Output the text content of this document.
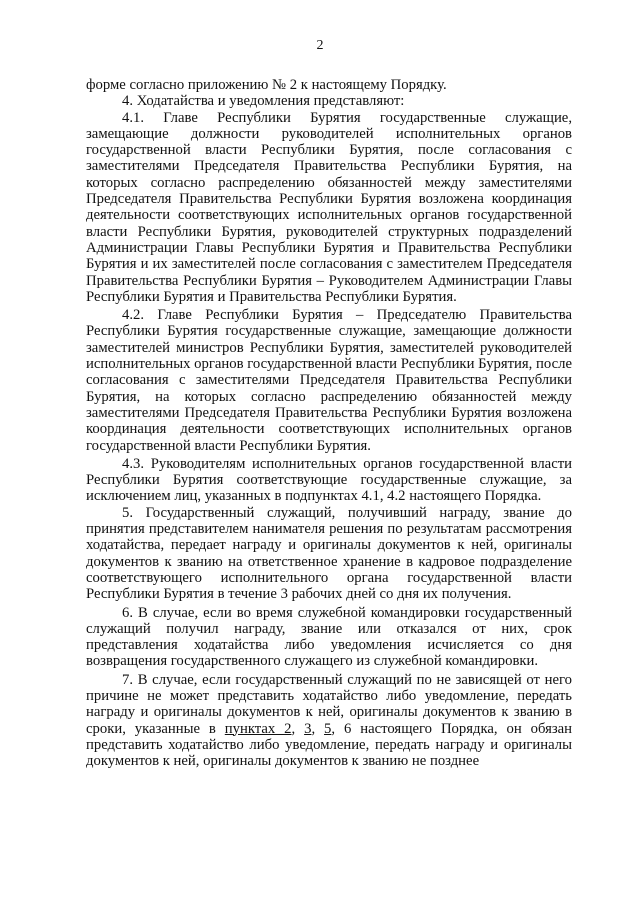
2

форме согласно приложению № 2 к настоящему Порядку.

4. Ходатайства и уведомления представляют:

4.1. Главе Республики Бурятия государственные служащие, замещающие должности руководителей исполнительных органов государственной власти Республики Бурятия, после согласования с заместителями Председателя Правительства Республики Бурятия, на которых согласно распределению обязанностей между заместителями Председателя Правительства Республики Бурятия возложена координация деятельности соответствующих исполнительных органов государственной власти Республики Бурятия, руководителей структурных подразделений Администрации Главы Республики Бурятия и Правительства Республики Бурятия и их заместителей после согласования с заместителем Председателя Правительства Республики Бурятия – Руководителем Администрации Главы Республики Бурятия и Правительства Республики Бурятия.

4.2. Главе Республики Бурятия – Председателю Правительства Республики Бурятия государственные служащие, замещающие должности заместителей министров Республики Бурятия, заместителей руководителей исполнительных органов государственной власти Республики Бурятия, после согласования с заместителями Председателя Правительства Республики Бурятия, на которых согласно распределению обязанностей между заместителями Председателя Правительства Республики Бурятия возложена координация деятельности соответствующих исполнительных органов государственной власти Республики Бурятия.

4.3. Руководителям исполнительных органов государственной власти Республики Бурятия соответствующие государственные служащие, за исключением лиц, указанных в подпунктах 4.1, 4.2 настоящего Порядка.

5. Государственный служащий, получивший награду, звание до принятия представителем нанимателя решения по результатам рассмотрения ходатайства, передает награду и оригиналы документов к ней, оригиналы документов к званию на ответственное хранение в кадровое подразделение соответствующего исполнительного органа государственной власти Республики Бурятия в течение 3 рабочих дней со дня их получения.

6. В случае, если во время служебной командировки государственный служащий получил награду, звание или отказался от них, срок представления ходатайства либо уведомления исчисляется со дня возвращения государственного служащего из служебной командировки.

7. В случае, если государственный служащий по не зависящей от него причине не может представить ходатайство либо уведомление, передать награду и оригиналы документов к ней, оригиналы документов к званию в сроки, указанные в пунктах 2, 3, 5, 6 настоящего Порядка, он обязан представить ходатайство либо уведомление, передать награду и оригиналы документов к ней, оригиналы документов к званию не позднее
